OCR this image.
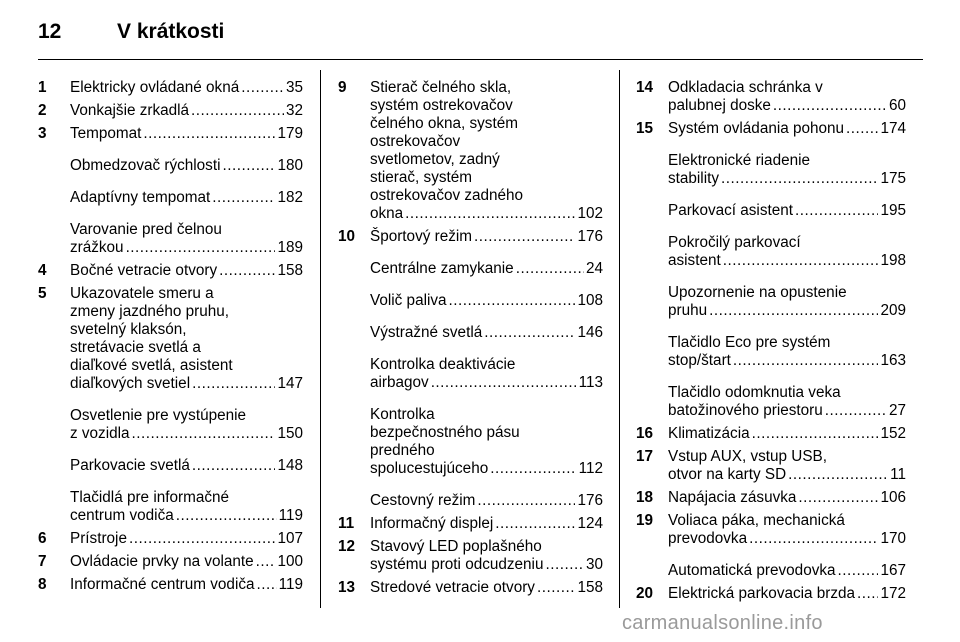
12	V krátkosti
1 Elektricky ovládané okná .....	35
2 Vonkajšie zrkadlá .....	32
3 Tempomat .....	179
Obmedzovač rýchlosti .....	180
Adaptívny tempomat .....	182
Varovanie pred čelnou
zrážkou .....	189
4 Bočné vetracie otvory .....	158
5 Ukazovatele smeru a
zmeny jazdného pruhu,
svetelný klaksón,
stretávacie svetlá a
diaľkové svetlá, asistent
diaľkových svetiel .....	147
Osvetlenie pre vystúpenie
z vozidla .....	150
Parkovacie svetlá .....	148
Tlačidlá pre informačné
centrum vodiča .....	119
6 Prístroje .....	107
7 Ovládacie prvky na volante ..... 100
8 Informačné centrum vodiča ..... 119
9 Stierač čelného skla,
systém ostrekovačov
čelného okna, systém
ostrekovačov
svetlometov, zadný
stierač, systém
ostrekovačov zadného
okna .....	102
10 Športový režim .....	176
Centrálne zamykanie .....	24
Volič paliva .....	108
Výstražné svetlá .....	146
Kontrolka deaktivácie
airbagov .....	113
Kontrolka
bezpečnostného pásu
predného
spolucestujúceho .....	112
Cestovný režim .....	176
11 Informačný displej .....	124
12 Stavový LED poplašného
systému proti odcudzeniu .....	30
13 Stredové vetracie otvory .....	158
14 Odkladacia schránka v
palubnej doske .....	60
15 Systém ovládania pohonu ..... 174
Elektronické riadenie
stability .....	175
Parkovací asistent .....	195
Pokročilý parkovací
asistent .....	198
Upozornenie na opustenie
pruhu .....	209
Tlačidlo Eco pre systém
stop/štart .....	163
Tlačidlo odomknutia veka
batožinového priestoru .....	27
16 Klimatizácia .....	152
17 Vstup AUX, vstup USB,
otvor na karty SD .....	11
18 Napájacia zásuvka .....	106
19 Voliaca páka, mechanická
prevodovka .....	170
Automatická prevodovka .....	167
20 Elektrická parkovacia brzda ..... 172
carmanualsonline.info
